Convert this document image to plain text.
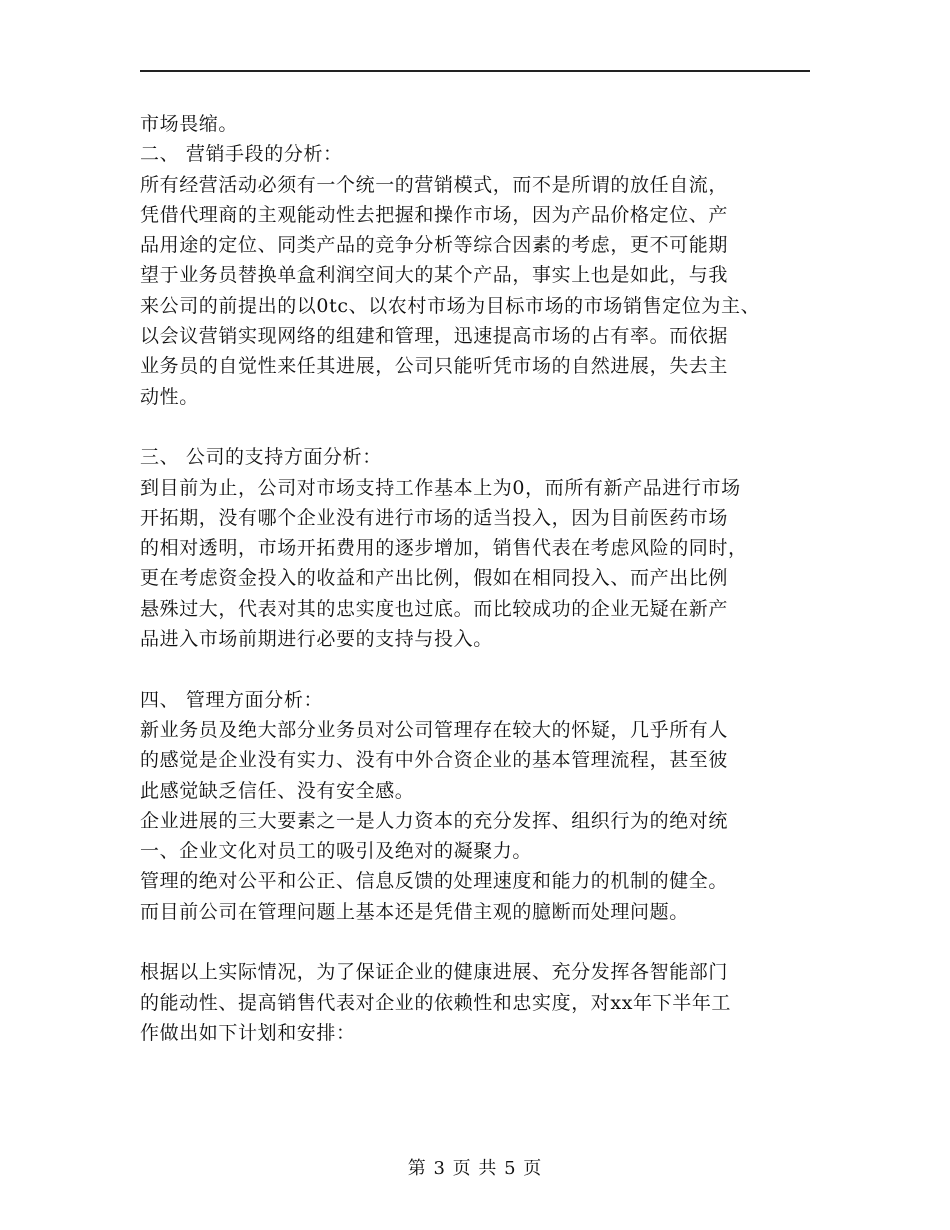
市场畏缩。
二、 营销手段的分析：
所有经营活动必须有一个统一的营销模式，而不是所谓的放任自流，
凭借代理商的主观能动性去把握和操作市场，因为产品价格定位、产
品用途的定位、同类产品的竞争分析等综合因素的考虑，更不可能期
望于业务员替换单盒利润空间大的某个产品，事实上也是如此，与我
来公司的前提出的以0tc、以农村市场为目标市场的市场销售定位为主、
以会议营销实现网络的组建和管理，迅速提高市场的占有率。而依据
业务员的自觉性来任其进展，公司只能听凭市场的自然进展，失去主
动性。
三、 公司的支持方面分析：
到目前为止，公司对市场支持工作基本上为0，而所有新产品进行市场
开拓期，没有哪个企业没有进行市场的适当投入，因为目前医药市场
的相对透明，市场开拓费用的逐步增加，销售代表在考虑风险的同时，
更在考虑资金投入的收益和产出比例，假如在相同投入、而产出比例
悬殊过大，代表对其的忠实度也过底。而比较成功的企业无疑在新产
品进入市场前期进行必要的支持与投入。
四、 管理方面分析：
新业务员及绝大部分业务员对公司管理存在较大的怀疑，几乎所有人
的感觉是企业没有实力、没有中外合资企业的基本管理流程，甚至彼
此感觉缺乏信任、没有安全感。
企业进展的三大要素之一是人力资本的充分发挥、组织行为的绝对统
一、企业文化对员工的吸引及绝对的凝聚力。
管理的绝对公平和公正、信息反馈的处理速度和能力的机制的健全。
而目前公司在管理问题上基本还是凭借主观的臆断而处理问题。
根据以上实际情况，为了保证企业的健康进展、充分发挥各智能部门
的能动性、提高销售代表对企业的依赖性和忠实度，对xx年下半年工
作做出如下计划和安排：
第 3 页 共 5 页
